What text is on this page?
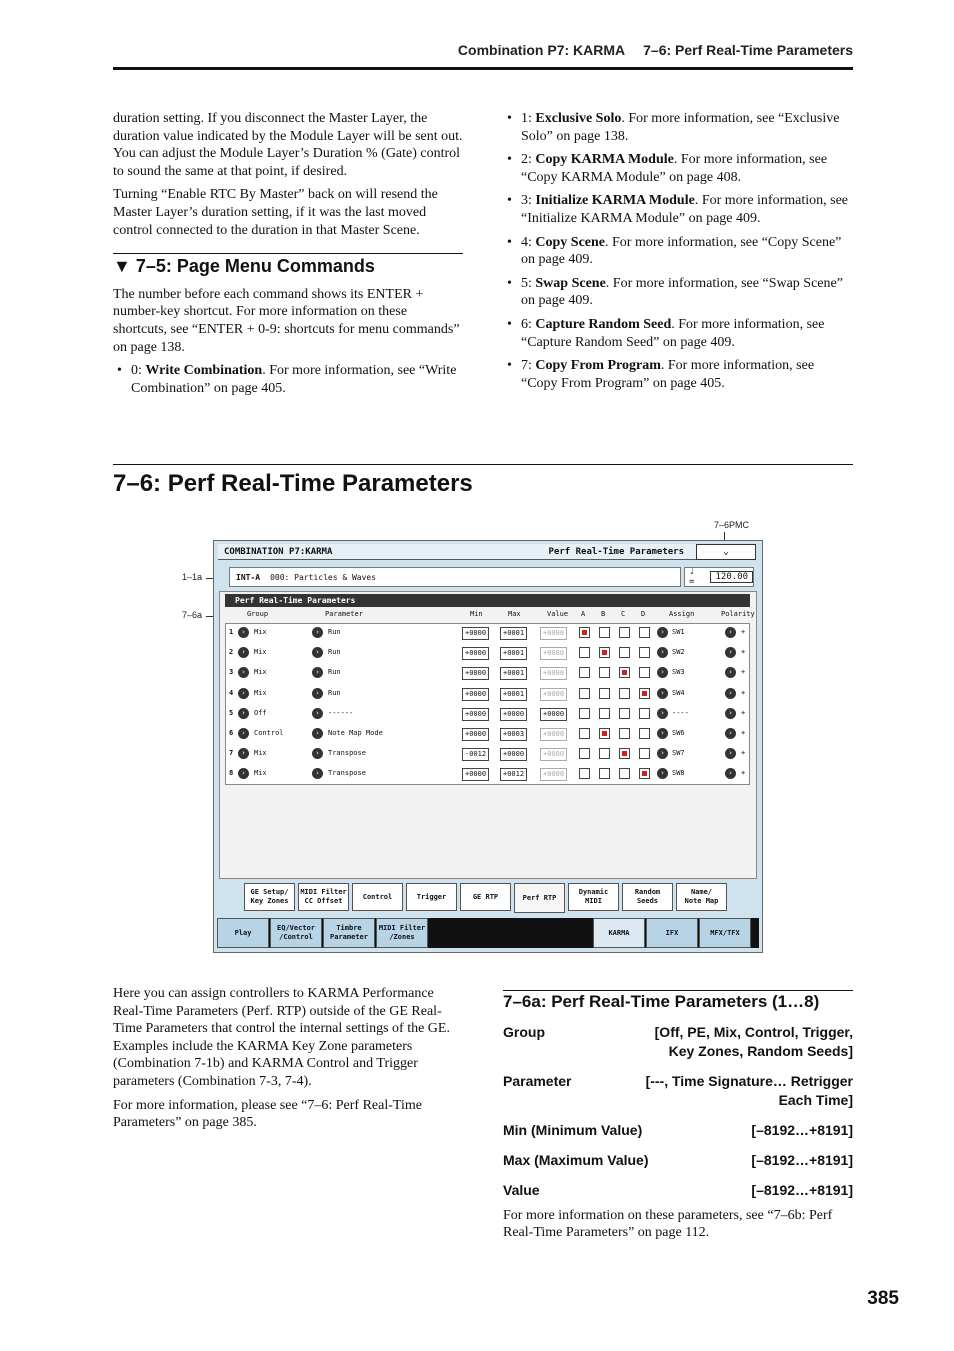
Combination P7: KARMA 7–6: Perf Real-Time Parameters

duration setting. If you disconnect the Master Layer, the duration value indicated by the Module Layer will be sent out. You can adjust the Module Layer’s Duration % (Gate) control to sound the same at that point, if desired.

Turning “Enable RTC By Master” back on will resend the Master Layer’s duration setting, if it was the last moved control connected to the duration in that Master Scene.

▼ 7–5: Page Menu Commands

The number before each command shows its ENTER + number-key shortcut. For more information on these shortcuts, see “ENTER + 0-9: shortcuts for menu commands” on page 138.

• 0: Write Combination. For more information, see “Write Combination” on page 405.
• 1: Exclusive Solo. For more information, see “Exclusive Solo” on page 138.
• 2: Copy KARMA Module. For more information, see “Copy KARMA Module” on page 408.
• 3: Initialize KARMA Module. For more information, see “Initialize KARMA Module” on page 409.
• 4: Copy Scene. For more information, see “Copy Scene” on page 409.
• 5: Swap Scene. For more information, see “Swap Scene” on page 409.
• 6: Capture Random Seed. For more information, see “Capture Random Seed” on page 409.
• 7: Copy From Program. For more information, see “Copy From Program” on page 405.
7–6: Perf Real-Time Parameters
7–6PMC
1–1a
7–6a
COMBINATION P7:KARMA	Perf Real-Time Parameters	⌄
INT-A 000: Particles & Waves	♩ =	120.00
Perf Real-Time Parameters
Group	Parameter	Min	Max	Value A B C D	Assign	Polarity
1	›	Mix	›	Run	+0000	+0001	+0000	›	SW1	›	+
2	›	Mix	›	Run	+0000	+0001	+0000	›	SW2	›	+
3	›	Mix	›	Run	+0000	+0001	+0000	›	SW3	›	+
4	›	Mix	›	Run	+0000	+0001	+0000	›	SW4	›	+
5	›	Off	›	------	+0000	+0000	+0000	›	----	›	+
6	›	Control	›	Note Map Mode	+0000	+0003	+0000	›	SW6	›	+
7	›	Mix	›	Transpose	-0012	+0000	+0000	›	SW7	›	+
8	›	Mix	›	Transpose	+0000	+0012	+0000	›	SW8	›	+
GE Setup/
Key Zones
MIDI Filter
CC Offset
Control	Trigger	GE RTP	Perf RTP
Dynamic
MIDI
Random
Seeds
Name/
Note Map
Play
EQ/Vector
/Control
Timbre
Parameter
MIDI Filter
/Zones
KARMA	IFX	MFX/TFX

Here you can assign controllers to KARMA Performance Real-Time Parameters (Perf. RTP) outside of the GE Real-Time Parameters that control the internal settings of the GE. Examples include the KARMA Key Zone parameters (Combination 7-1b) and KARMA Control and Trigger parameters (Combination 7-3, 7-4).

For more information, please see “7–6: Perf Real-Time Parameters” on page 385.

7–6a: Perf Real-Time Parameters (1…8)
Group	[Off, PE, Mix, Control, Trigger, Key Zones, Random Seeds]
Parameter	[---, Time Signature… Retrigger Each Time]
Min (Minimum Value)	[–8192…+8191]
Max (Maximum Value)	[–8192…+8191]
Value	[–8192…+8191]

For more information on these parameters, see “7–6b: Perf Real-Time Parameters” on page 112.

385
